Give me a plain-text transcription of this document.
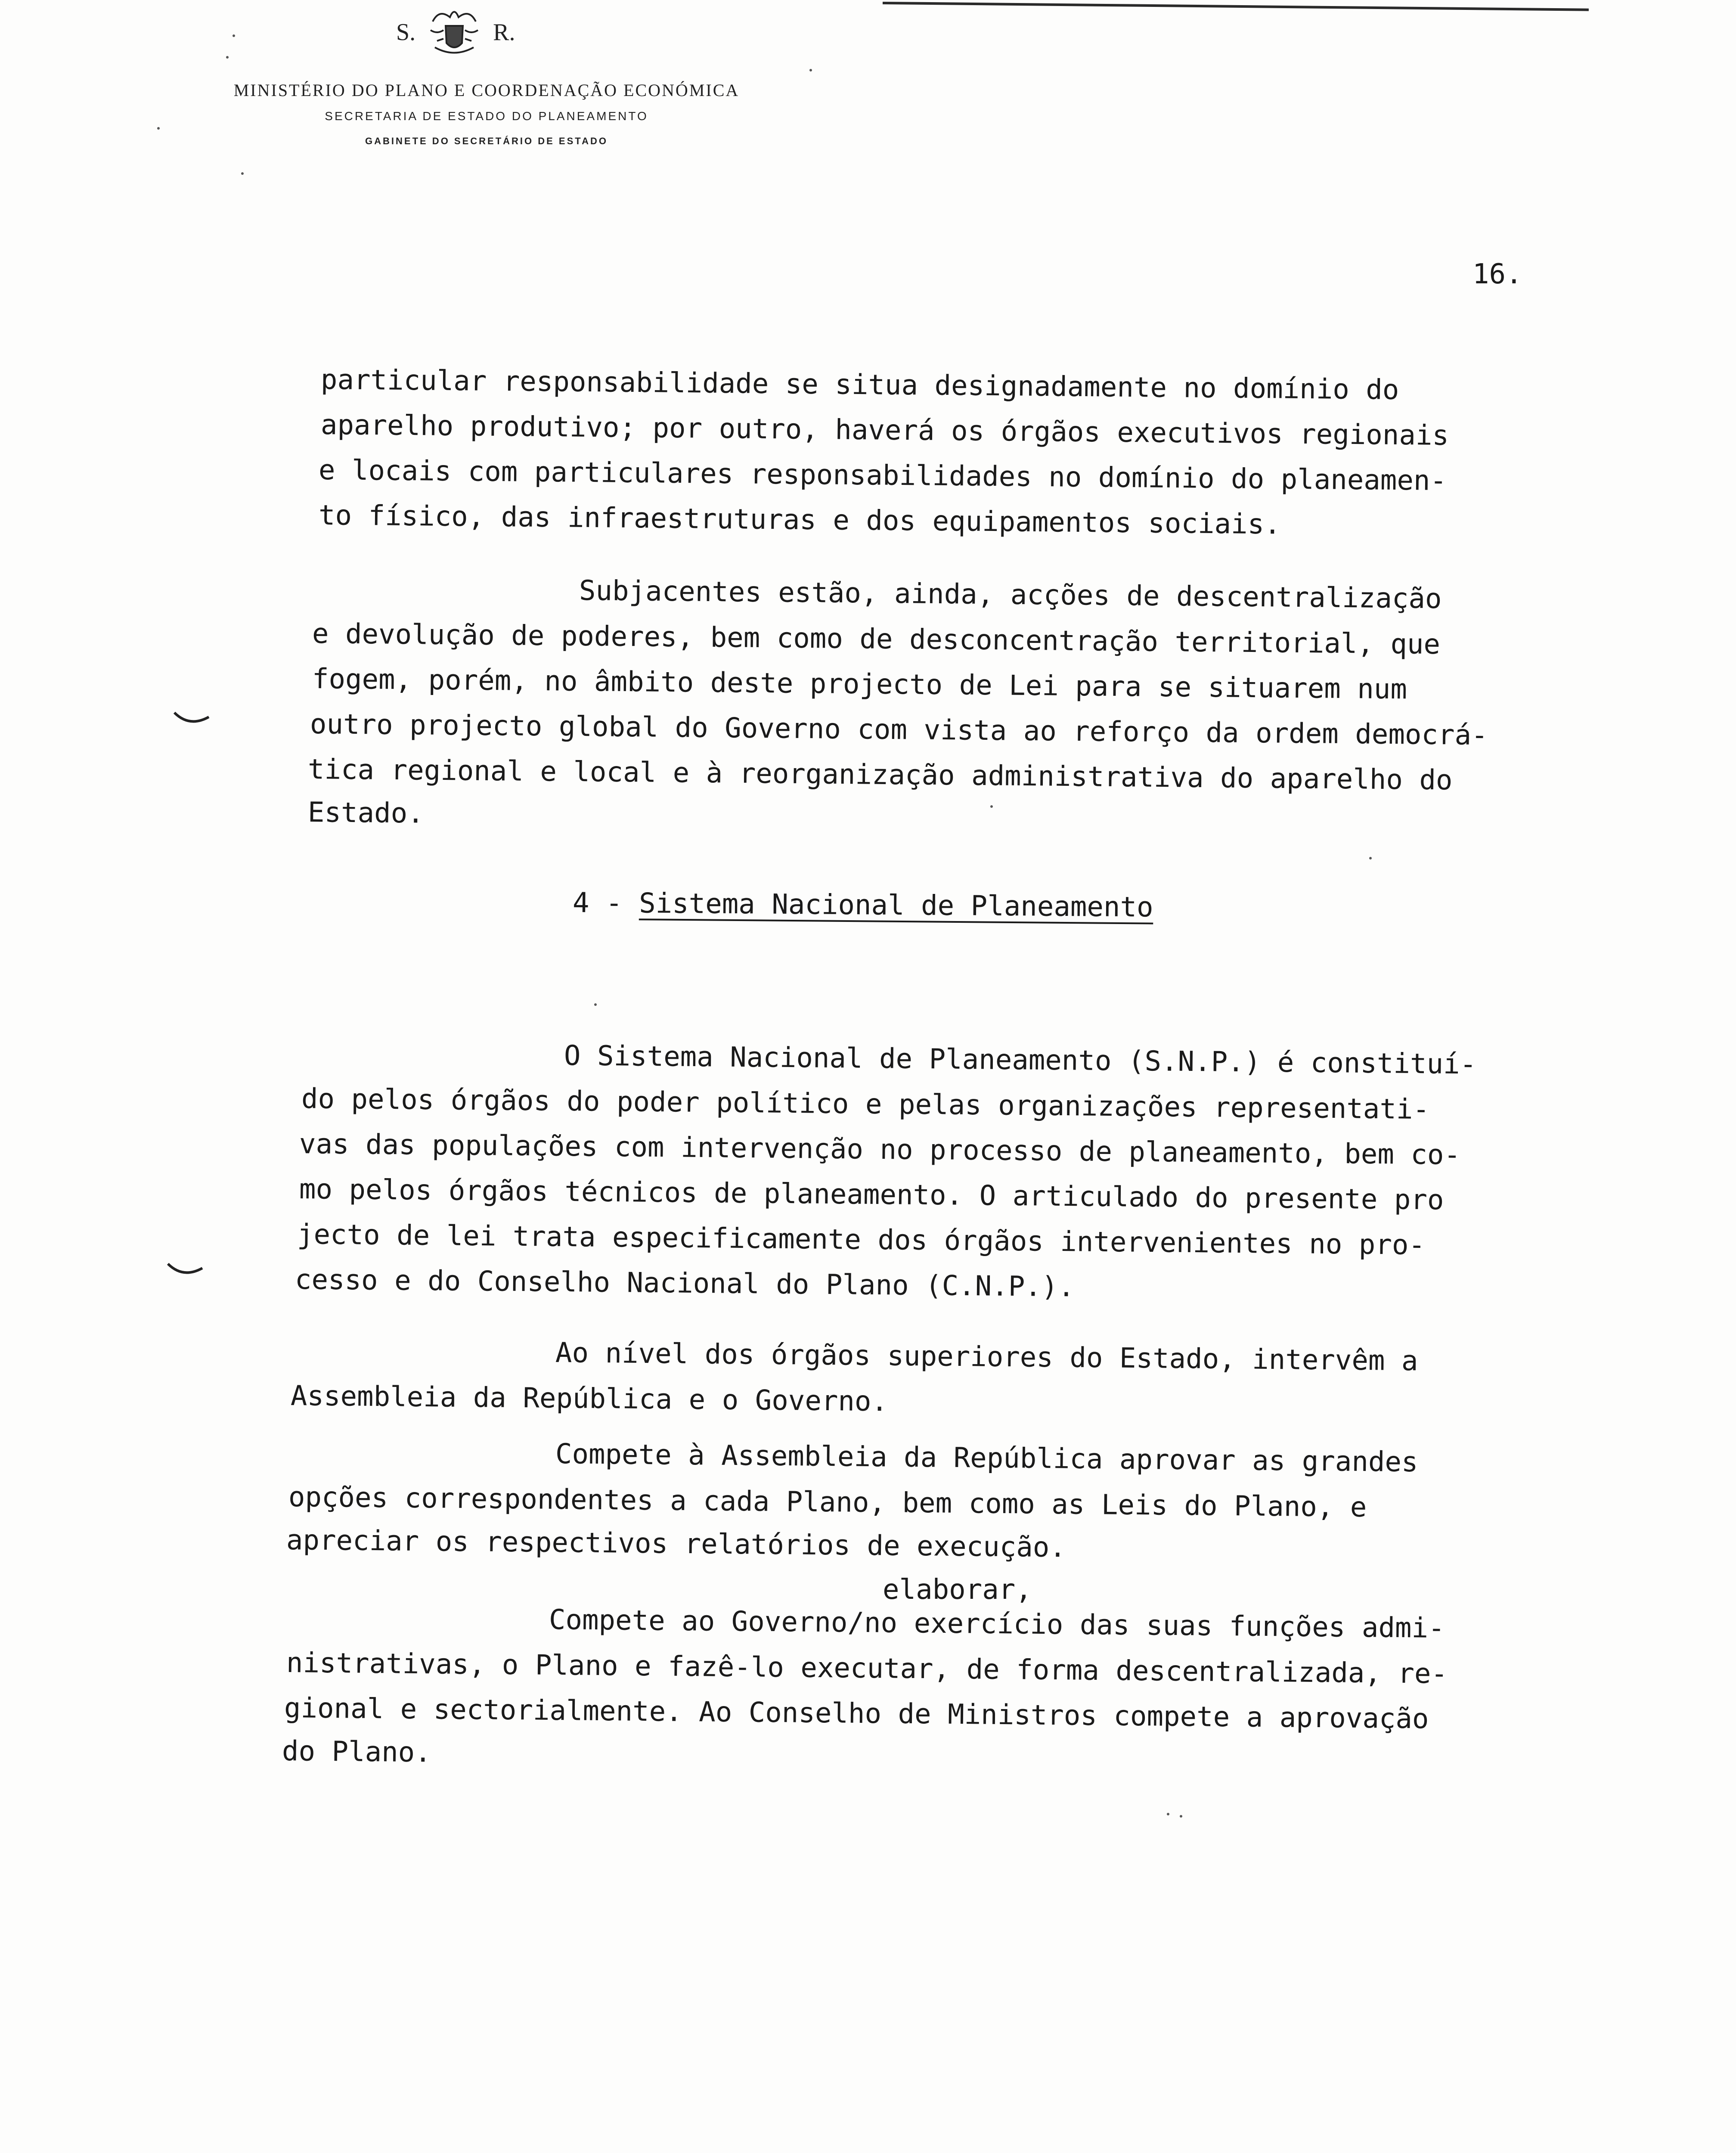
S.	R.

MINISTÉRIO DO PLANO E COORDENAÇÃO ECONÓMICA

SECRETARIA DE ESTADO DO PLANEAMENTO

GABINETE DO SECRETÁRIO DE ESTADO

16.
particular responsabilidade se situa designadamente no domínio do
aparelho produtivo; por outro, haverá os órgãos executivos regionais
e locais com particulares responsabilidades no domínio do planeamen-
to físico, das infraestruturas e dos equipamentos sociais.
Subjacentes estão, ainda, acções de descentralização
e devolução de poderes, bem como de desconcentração territorial, que
fogem, porém, no âmbito deste projecto de Lei para se situarem num
outro projecto global do Governo com vista ao reforço da ordem democrá-
tica regional e local e à reorganização administrativa do aparelho do
Estado.
4 - Sistema Nacional de Planeamento
O Sistema Nacional de Planeamento (S.N.P.) é constituí-
do pelos órgãos do poder político e pelas organizações representati-
vas das populações com intervenção no processo de planeamento, bem co-
mo pelos órgãos técnicos de planeamento. O articulado do presente pro
jecto de lei trata especificamente dos órgãos intervenientes no pro-
cesso e do Conselho Nacional do Plano (C.N.P.).
Ao nível dos órgãos superiores do Estado, intervêm a
Assembleia da República e o Governo.
Compete à Assembleia da República aprovar as grandes
opções correspondentes a cada Plano, bem como as Leis do Plano, e
apreciar os respectivos relatórios de execução.
elaborar,
Compete ao Governo/no exercício das suas funções admi-
nistrativas, o Plano e fazê-lo executar, de forma descentralizada, re-
gional e sectorialmente. Ao Conselho de Ministros compete a aprovação
do Plano.
